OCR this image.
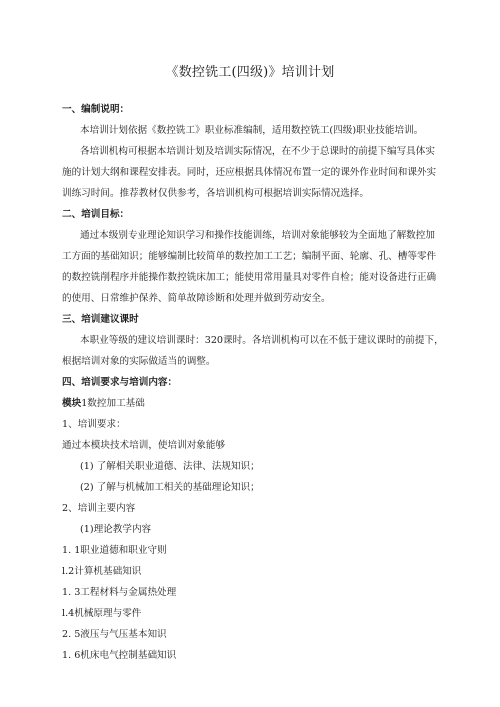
《数控铣工(四级)》培训计划
一、编制说明：
本培训计划依据《数控铣工》职业标准编制，适用数控铣工(四级)职业技能培训。
各培训机构可根据本培训计划及培训实际情况，在不少于总课时的前提下编写具体实
施的计划大纲和课程安排表。同时，还应根据具体情况布置一定的课外作业时间和课外实
训练习时间。推荐教材仅供参考，各培训机构可根据培训实际情况选择。
二、培训目标：
通过本级别专业理论知识学习和操作技能训练，培训对象能够较为全面地了解数控加
工方面的基础知识；能够编制比较简单的数控加工工艺；编制平面、轮廓、孔、槽等零件
的数控铣削程序并能操作数控铣床加工；能使用常用量具对零件自检；能对设备进行正确
的使用、日常维护保养、简单故障诊断和处理并做到劳动安全。
三、培训建议课时
本职业等级的建议培训课时：320课时。各培训机构可以在不低于建议课时的前提下，
根据培训对象的实际做适当的调整。
四、培训要求与培训内容：
模块1数控加工基础
1、培训要求：
通过本模块技术培训，使培训对象能够
(1) 了解相关职业道德、法律、法规知识；
(2) 了解与机械加工相关的基础理论知识；
2、培训主要内容
(1)理论教学内容
1. 1职业道德和职业守则
l.2计算机基础知识
1. 3工程材料与金属热处理
l.4机械原理与零件
2. 5液压与气压基本知识
1. 6机床电气控制基础知识
